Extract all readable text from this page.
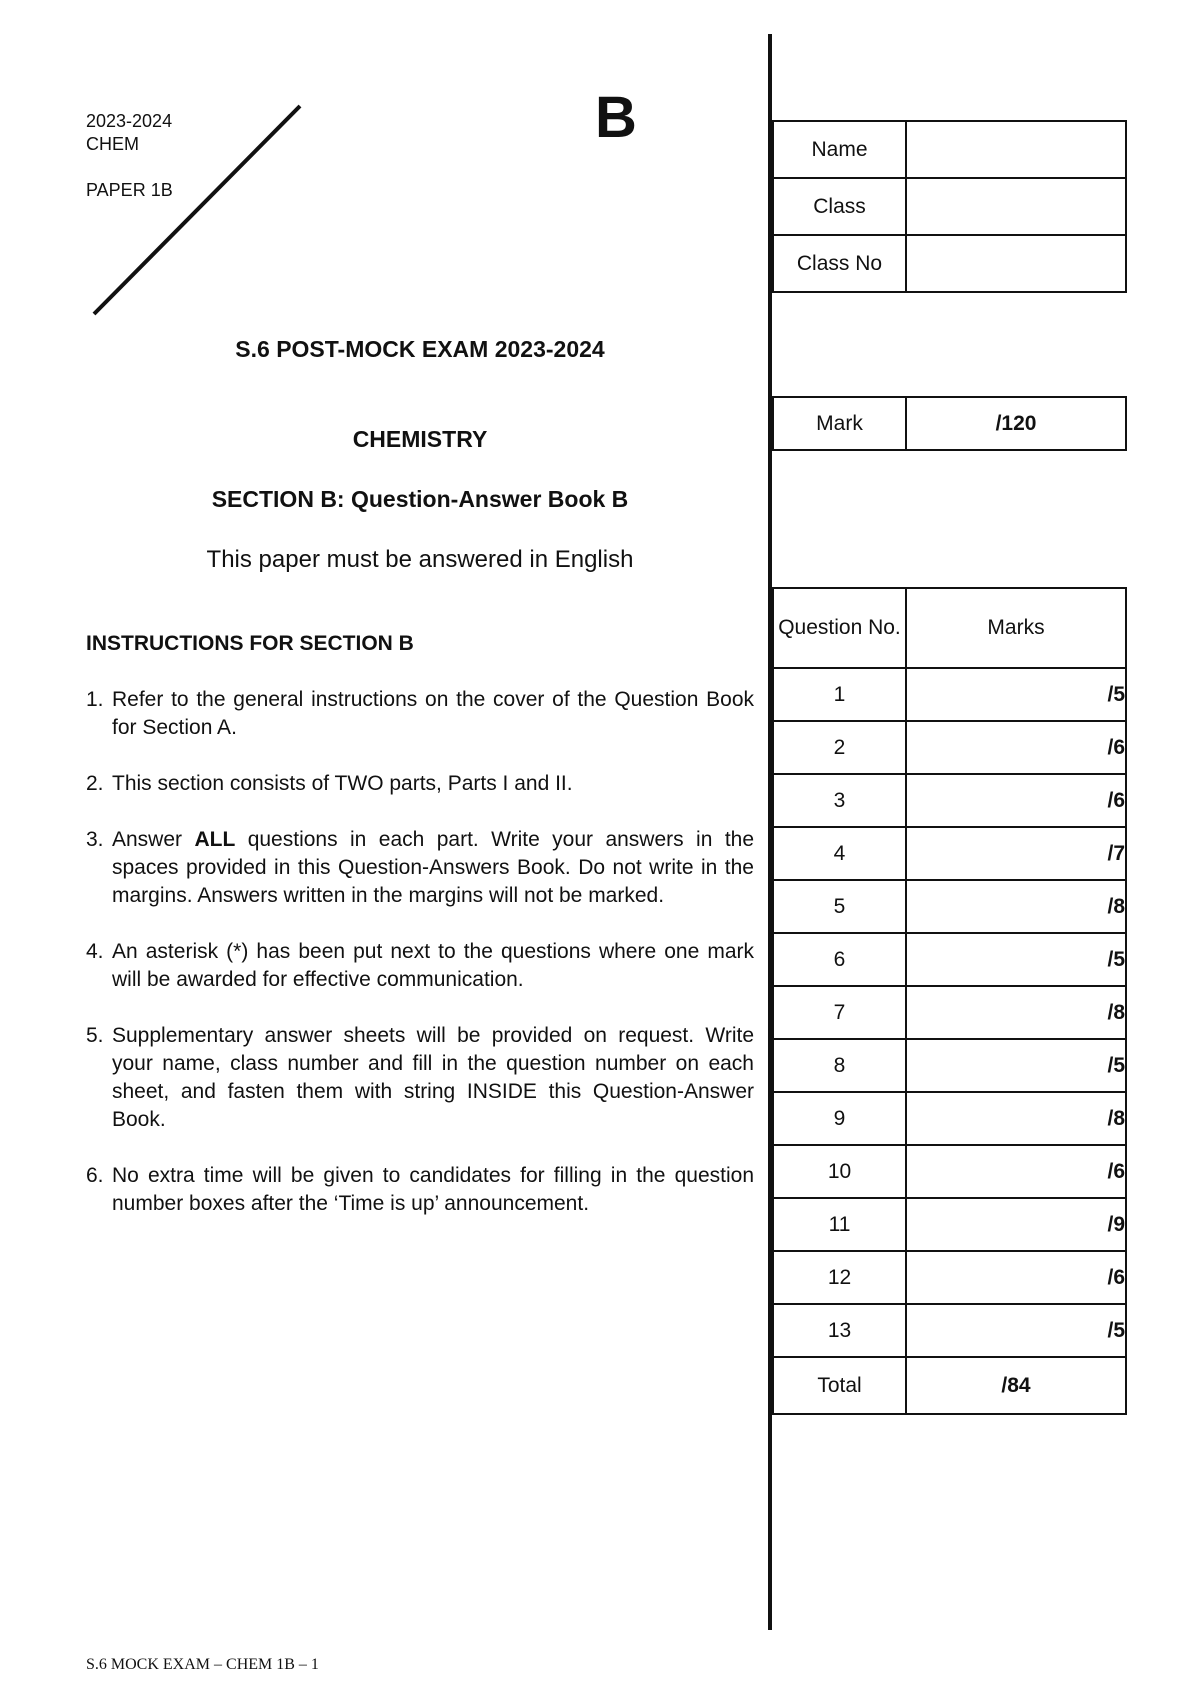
2023-2024
CHEM
PAPER 1B
B
S.6 POST-MOCK EXAM 2023-2024
CHEMISTRY
SECTION B: Question-Answer Book B
This paper must be answered in English
INSTRUCTIONS FOR SECTION B
1. Refer to the general instructions on the cover of the Question Book for Section A.
2. This section consists of TWO parts, Parts I and II.
3. Answer ALL questions in each part. Write your answers in the spaces provided in this Question-Answers Book. Do not write in the margins. Answers written in the margins will not be marked.
4. An asterisk (*) has been put next to the questions where one mark will be awarded for effective communication.
5. Supplementary answer sheets will be provided on request. Write your name, class number and fill in the question number on each sheet, and fasten them with string INSIDE this Question-Answer Book.
6. No extra time will be given to candidates for filling in the question number boxes after the ‘Time is up’ announcement.
Name	
Class	
Class No	
Mark	/120
Question No.	Marks
1	/5
2	/6
3	/6
4	/7
5	/8
6	/5
7	/8
8	/5
9	/8
10	/6
11	/9
12	/6
13	/5
Total	/84
S.6 MOCK EXAM – CHEM 1B – 1
